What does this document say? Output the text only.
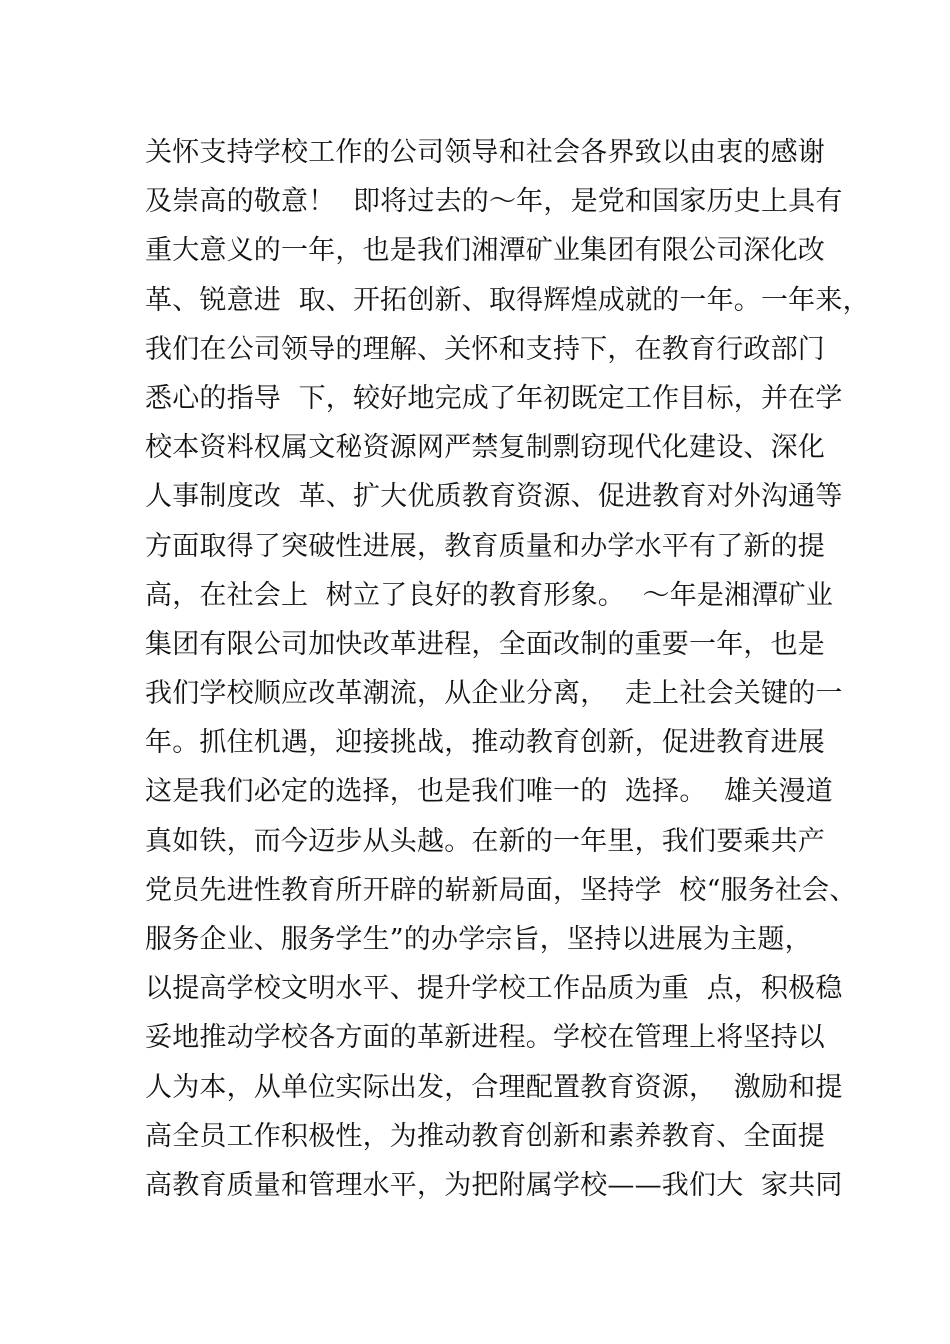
关怀支持学校工作的公司领导和社会各界致以由衷的感谢
及崇高的敬意！  即将过去的～年，是党和国家历史上具有
重大意义的一年，也是我们湘潭矿业集团有限公司深化改
革、锐意进  取、开拓创新、取得辉煌成就的一年。一年来，
我们在公司领导的理解、关怀和支持下，在教育行政部门
悉心的指导  下，较好地完成了年初既定工作目标，并在学
校本资料权属文秘资源网严禁复制剽窃现代化建设、深化
人事制度改  革、扩大优质教育资源、促进教育对外沟通等
方面取得了突破性进展，教育质量和办学水平有了新的提
高，在社会上  树立了良好的教育形象。  ～年是湘潭矿业
集团有限公司加快改革进程，全面改制的重要一年，也是
我们学校顺应改革潮流，从企业分离，  走上社会关键的一
年。抓住机遇，迎接挑战，推动教育创新，促进教育进展
这是我们必定的选择，也是我们唯一的  选择。  雄关漫道
真如铁，而今迈步从头越。在新的一年里，我们要乘共产
党员先进性教育所开辟的崭新局面，坚持学  校“服务社会、
服务企业、服务学生”的办学宗旨，坚持以进展为主题，
以提高学校文明水平、提升学校工作品质为重  点，积极稳
妥地推动学校各方面的革新进程。学校在管理上将坚持以
人为本，从单位实际出发，合理配置教育资源，  激励和提
高全员工作积极性，为推动教育创新和素养教育、全面提
高教育质量和管理水平，为把附属学校——我们大  家共同
